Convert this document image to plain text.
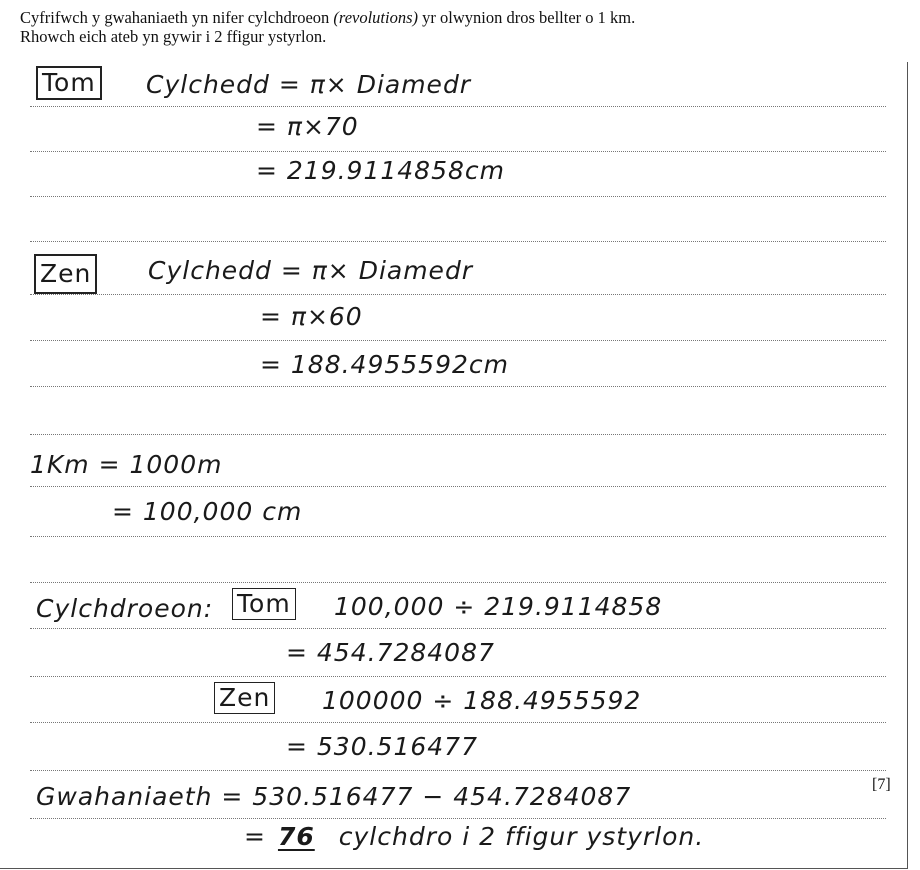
Cyfrifwch y gwahaniaeth yn nifer cylchdroeon (revolutions) yr olwynion dros bellter o 1 km.
Rhowch eich ateb yn gywir i 2 ffigur ystyrlon.
Tom Cylchedd = π× Diamedr
= π×70
= 219.9114858cm
Zen Cylchedd = π× Diamedr
= π×60
= 188.4955592cm
1Km = 1000m
= 100,000 cm
Cylchdroeon: Tom 100,000 ÷ 219.9114858
= 454.7284087
Zen 100000 ÷ 188.4955592
= 530.516477
Gwahaniaeth = 530.516477 − 454.7284087
= 76 cylchdro i 2 ffigur ystyrlon.
[7]
